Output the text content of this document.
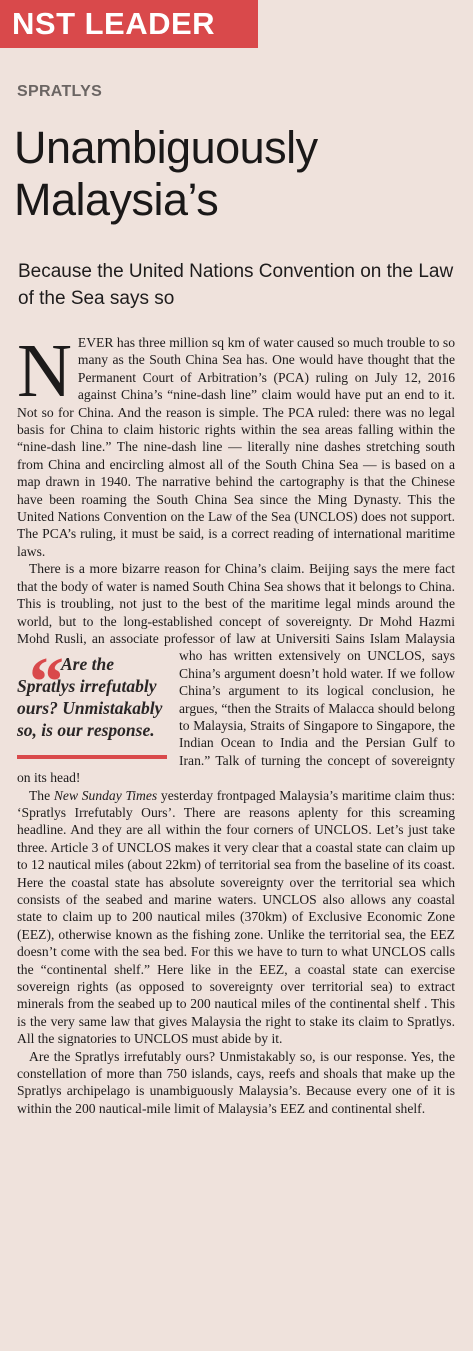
NST LEADER
SPRATLYS
Unambiguously Malaysia’s
Because the United Nations Convention on the Law of the Sea says so

NEVER has three million sq km of water caused so much trouble to so many as the South China Sea has. One would have thought that the Permanent Court of Arbitration’s (PCA) ruling on July 12, 2016 against China’s “nine-dash line” claim would have put an end to it. Not so for China. And the reason is simple. The PCA ruled: there was no legal basis for China to claim historic rights within the sea areas falling within the “nine-dash line.” The nine-dash line — literally nine dashes stretching south from China and encircling almost all of the South China Sea — is based on a map drawn in 1940. The narrative behind the cartography is that the Chinese have been roaming the South China Sea since the Ming Dynasty. This the United Nations Convention on the Law of the Sea (UNCLOS) does not support. The PCA’s ruling, it must be said, is a correct reading of international maritime laws.

There is a more bizarre reason for China’s claim. Beijing says the mere fact that the body of water is named South China Sea shows that it belongs to China. This is troubling, not just to the best of the maritime legal minds around the world, but to the long-established concept of sovereignty. Dr Mohd Hazmi Mohd Rusli, an associate professor of law at Universiti Sains Islam
“
Are the Spratlys irrefutably ours? Unmistakably so, is our response.
Malaysia who has written extensively on UNCLOS, says China’s argument doesn’t hold water. If we follow China’s argument to its logical conclusion, he argues, “then the Straits of Malacca should belong to Malaysia, Straits of Singapore to Singapore, the Indian Ocean to India and the Persian Gulf to Iran.” Talk of turning the concept of sovereignty on its head!

The New Sunday Times yesterday frontpaged Malaysia’s maritime claim thus: ‘Spratlys Irrefutably Ours’. There are reasons aplenty for this screaming headline. And they are all within the four corners of UNCLOS. Let’s just take three. Article 3 of UNCLOS makes it very clear that a coastal state can claim up to 12 nautical miles (about 22km) of territorial sea from the baseline of its coast. Here the coastal state has absolute sovereignty over the territorial sea which consists of the seabed and marine waters. UNCLOS also allows any coastal state to claim up to 200 nautical miles (370km) of Exclusive Economic Zone (EEZ), otherwise known as the fishing zone. Unlike the territorial sea, the EEZ doesn’t come with the sea bed. For this we have to turn to what UNCLOS calls the “continental shelf.” Here like in the EEZ, a coastal state can exercise sovereign rights (as opposed to sovereignty over territorial sea) to extract minerals from the seabed up to 200 nautical miles of the continental shelf . This is the very same law that gives Malaysia the right to stake its claim to Spratlys. All the signatories to UNCLOS must abide by it.

Are the Spratlys irrefutably ours? Unmistakably so, is our response. Yes, the constellation of more than 750 islands, cays, reefs and shoals that make up the Spratlys archipelago is unambiguously Malaysia’s. Because every one of it is within the 200 nautical-mile limit of Malaysia’s EEZ and continental shelf.
